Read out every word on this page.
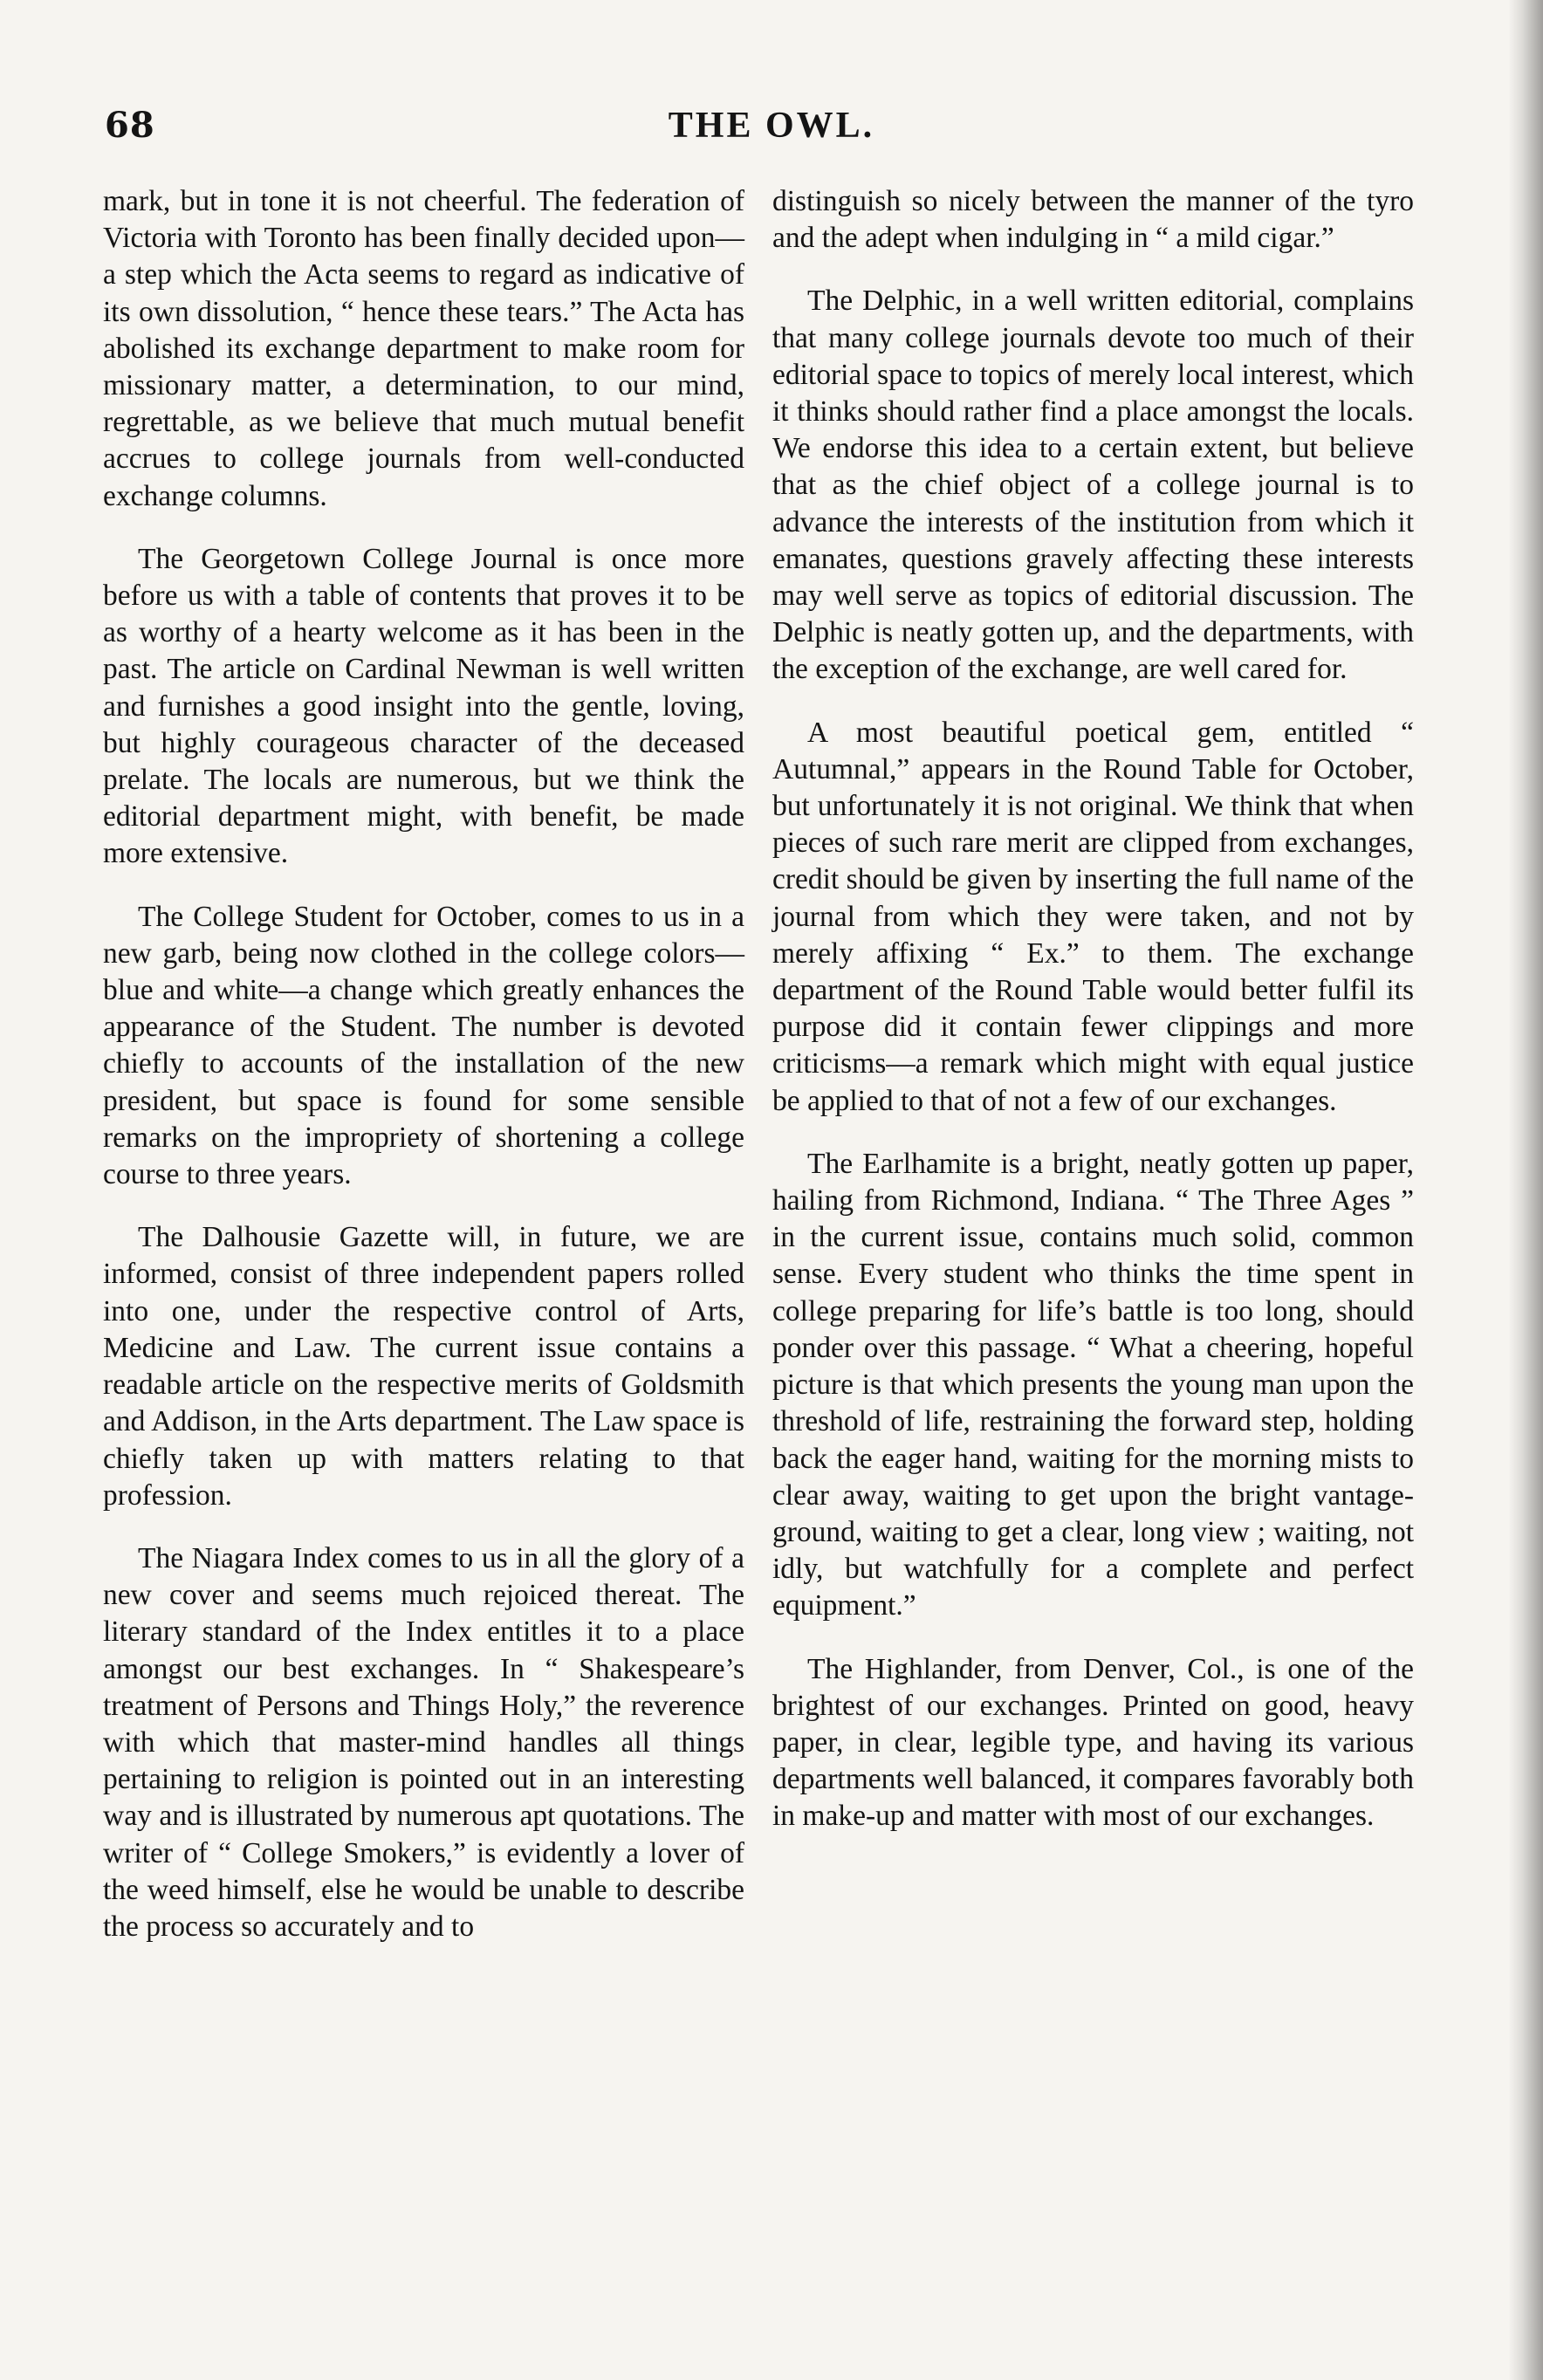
68	THE OWL.

mark, but in tone it is not cheerful. The federation of Victoria with Toronto has been finally decided upon—a step which the Acta seems to regard as indicative of its own dissolution, “ hence these tears.” The Acta has abolished its exchange department to make room for missionary matter, a determination, to our mind, regrettable, as we believe that much mutual benefit accrues to college journals from well-conducted exchange columns.

The Georgetown College Journal is once more before us with a table of contents that proves it to be as worthy of a hearty welcome as it has been in the past. The article on Cardinal Newman is well written and furnishes a good insight into the gentle, loving, but highly courageous character of the deceased prelate. The locals are numerous, but we think the editorial department might, with benefit, be made more extensive.

The College Student for October, comes to us in a new garb, being now clothed in the college colors—blue and white—a change which greatly enhances the appearance of the Student. The number is devoted chiefly to accounts of the installation of the new president, but space is found for some sensible remarks on the impropriety of shortening a college course to three years.

The Dalhousie Gazette will, in future, we are informed, consist of three independent papers rolled into one, under the respective control of Arts, Medicine and Law. The current issue contains a readable article on the respective merits of Goldsmith and Addison, in the Arts department. The Law space is chiefly taken up with matters relating to that profession.

The Niagara Index comes to us in all the glory of a new cover and seems much rejoiced thereat. The literary standard of the Index entitles it to a place amongst our best exchanges. In “ Shakespeare’s treatment of Persons and Things Holy,” the reverence with which that master-mind handles all things pertaining to religion is pointed out in an interesting way and is illustrated by numerous apt quotations. The writer of “ College Smokers,” is evidently a lover of the weed himself, else he would be unable to describe the process so accurately and to

distinguish so nicely between the manner of the tyro and the adept when indulging in “ a mild cigar.”

The Delphic, in a well written editorial, complains that many college journals devote too much of their editorial space to topics of merely local interest, which it thinks should rather find a place amongst the locals. We endorse this idea to a certain extent, but believe that as the chief object of a college journal is to advance the interests of the institution from which it emanates, questions gravely affecting these interests may well serve as topics of editorial discussion. The Delphic is neatly gotten up, and the departments, with the exception of the exchange, are well cared for.

A most beautiful poetical gem, entitled “ Autumnal,” appears in the Round Table for October, but unfortunately it is not original. We think that when pieces of such rare merit are clipped from exchanges, credit should be given by inserting the full name of the journal from which they were taken, and not by merely affixing “ Ex.” to them. The exchange department of the Round Table would better fulfil its purpose did it contain fewer clippings and more criticisms—a remark which might with equal justice be applied to that of not a few of our exchanges.

The Earlhamite is a bright, neatly gotten up paper, hailing from Richmond, Indiana. “ The Three Ages ” in the current issue, contains much solid, common sense. Every student who thinks the time spent in college preparing for life’s battle is too long, should ponder over this passage. “ What a cheering, hopeful picture is that which presents the young man upon the threshold of life, restraining the forward step, holding back the eager hand, waiting for the morning mists to clear away, waiting to get upon the bright vantage-ground, waiting to get a clear, long view ; waiting, not idly, but watchfully for a complete and perfect equipment.”

The Highlander, from Denver, Col., is one of the brightest of our exchanges. Printed on good, heavy paper, in clear, legible type, and having its various departments well balanced, it compares favorably both in make-up and matter with most of our exchanges.
